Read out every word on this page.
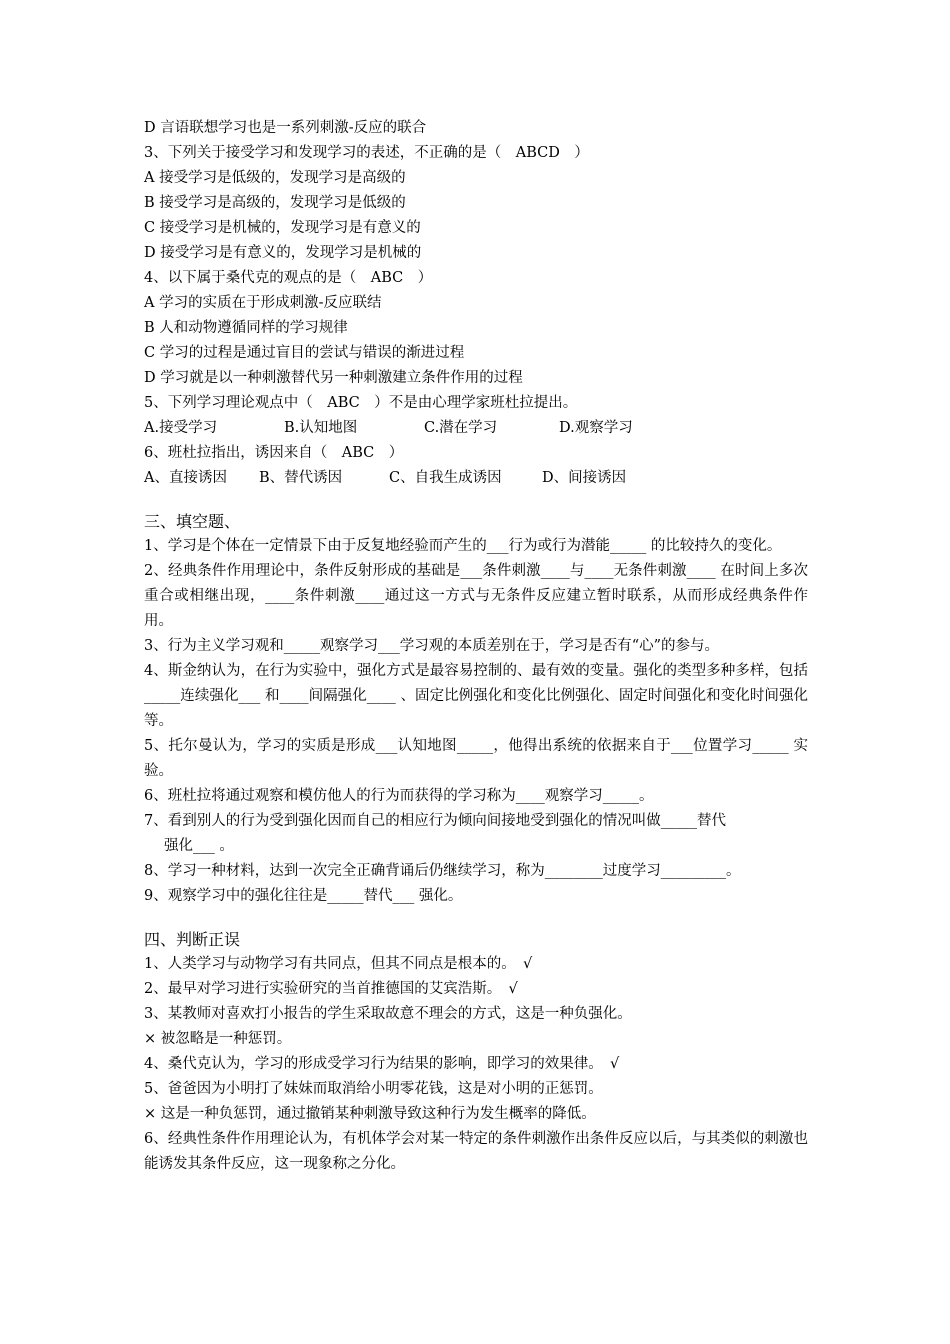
D 言语联想学习也是一系列刺激-反应的联合
3、下列关于接受学习和发现学习的表述，不正确的是（　ABCD　）
A 接受学习是低级的，发现学习是高级的
B 接受学习是高级的，发现学习是低级的
C 接受学习是机械的，发现学习是有意义的
D 接受学习是有意义的，发现学习是机械的
4、以下属于桑代克的观点的是（　ABC　）
A 学习的实质在于形成刺激-反应联结
B 人和动物遵循同样的学习规律
C 学习的过程是通过盲目的尝试与错误的渐进过程
D 学习就是以一种刺激替代另一种刺激建立条件作用的过程
5、下列学习理论观点中（　ABC　）不是由心理学家班杜拉提出。
A.接受学习	B.认知地图	C.潜在学习	D.观察学习
6、班杜拉指出，诱因来自（　ABC　）
A、直接诱因	B、替代诱因	C、自我生成诱因	D、间接诱因
三、填空题、
1、学习是个体在一定情景下由于反复地经验而产生的___行为或行为潜能_____ 的比较持久的变化。
2、经典条件作用理论中，条件反射形成的基础是___条件刺激____与____无条件刺激____ 在时间上多次重合或相继出现，____条件刺激____通过这一方式与无条件反应建立暂时联系，从而形成经典条件作用。
3、行为主义学习观和_____观察学习___学习观的本质差别在于，学习是否有“心”的参与。
4、斯金纳认为，在行为实验中，强化方式是最容易控制的、最有效的变量。强化的类型多种多样，包括_____连续强化___ 和____间隔强化____ 、固定比例强化和变化比例强化、固定时间强化和变化时间强化等。
5、托尔曼认为，学习的实质是形成___认知地图_____，他得出系统的依据来自于___位置学习_____ 实验。
6、班杜拉将通过观察和模仿他人的行为而获得的学习称为____观察学习_____。
7、看到别人的行为受到强化因而自己的相应行为倾向间接地受到强化的情况叫做_____替代
强化___ 。
8、学习一种材料，达到一次完全正确背诵后仍继续学习，称为________过度学习_________。
9、观察学习中的强化往往是_____替代___ 强化。
四、判断正误
1、人类学习与动物学习有共同点，但其不同点是根本的。　√
2、最早对学习进行实验研究的当首推德国的艾宾浩斯。　√
3、某教师对喜欢打小报告的学生采取故意不理会的方式，这是一种负强化。
× 被忽略是一种惩罚。
4、桑代克认为，学习的形成受学习行为结果的影响，即学习的效果律。　√
5、爸爸因为小明打了妹妹而取消给小明零花钱，这是对小明的正惩罚。
× 这是一种负惩罚，通过撤销某种刺激导致这种行为发生概率的降低。
6、经典性条件作用理论认为，有机体学会对某一特定的条件刺激作出条件反应以后，与其类似的刺激也能诱发其条件反应，这一现象称之分化。
